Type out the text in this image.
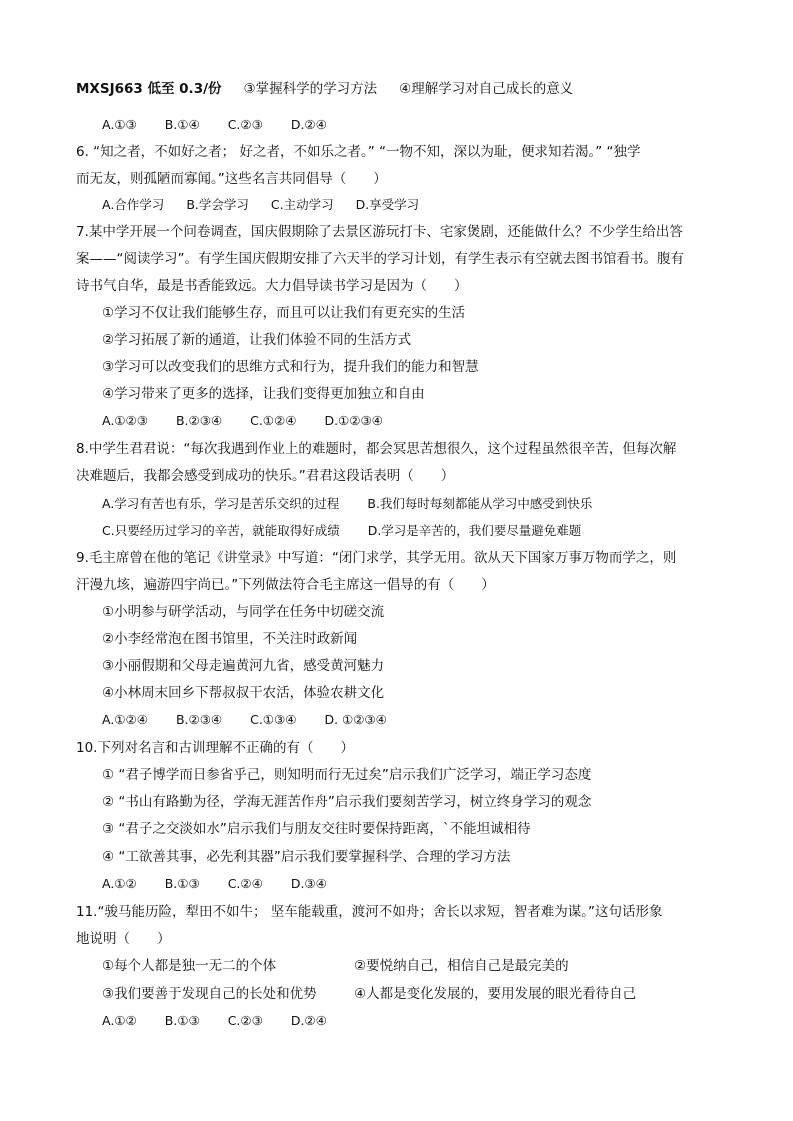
MXSJ663 低至 0.3/份 ③掌握科学的学习方法 ④理解学习对自己成长的意义
A.①③ B.①④ C.②③ D.②④
6. “知之者，不如好之者； 好之者，不如乐之者。” “一物不知，深以为耻，便求知若渴。” “独学
而无友，则孤陋而寡闻。”这些名言共同倡导（　　）
A.合作学习 B.学会学习 C.主动学习 D.享受学习
7.某中学开展一个问卷调查，国庆假期除了去景区游玩打卡、宅家煲剧，还能做什么？不少学生给出答
案——“阅读学习”。有学生国庆假期安排了六天半的学习计划，有学生表示有空就去图书馆看书。腹有
诗书气自华，最是书香能致远。大力倡导读书学习是因为（　　）
①学习不仅让我们能够生存，而且可以让我们有更充实的生活
②学习拓展了新的通道，让我们体验不同的生活方式
③学习可以改变我们的思维方式和行为，提升我们的能力和智慧
④学习带来了更多的选择，让我们变得更加独立和自由
A.①②③ B.②③④ C.①②④ D.①②③④
8.中学生君君说：“每次我遇到作业上的难题时，都会冥思苦想很久，这个过程虽然很辛苦，但每次解
决难题后，我都会感受到成功的快乐。”君君这段话表明（　　）
A.学习有苦也有乐，学习是苦乐交织的过程 B.我们每时每刻都能从学习中感受到快乐
C.只要经历过学习的辛苦，就能取得好成绩 D.学习是辛苦的，我们要尽量避免难题
9.毛主席曾在他的笔记《讲堂录》中写道：“闭门求学，其学无用。欲从天下国家万事万物而学之，则
汗漫九垓，遍游四宇尚已。”下列做法符合毛主席这一倡导的有（　　）
①小明参与研学活动，与同学在任务中切磋交流
②小李经常泡在图书馆里，不关注时政新闻
③小丽假期和父母走遍黄河九省，感受黄河魅力
④小林周末回乡下帮叔叔干农活，体验农耕文化
A.①②④ B.②③④ C.①③④ D. ①②③④
10.下列对名言和古训理解不正确的有（　　）
① “君子博学而日参省乎己，则知明而行无过矣”启示我们广泛学习，端正学习态度
② “书山有路勤为径，学海无涯苦作舟”启示我们要刻苦学习，树立终身学习的观念
③ “君子之交淡如水”启示我们与朋友交往时要保持距离，`不能坦诚相待
④ “工欲善其事，必先利其器”启示我们要掌握科学、合理的学习方法
A.①② B.①③ C.②④ D.③④
11.“骏马能历险，犁田不如牛； 坚车能载重，渡河不如舟；舍长以求短，智者难为谋。”这句话形象
地说明（　　）
①每个人都是独一无二的个体	②要悦纳自己，相信自己是最完美的
③我们要善于发现自己的长处和优势	④人都是变化发展的，要用发展的眼光看待自己
A.①② B.①③ C.②③ D.②④
